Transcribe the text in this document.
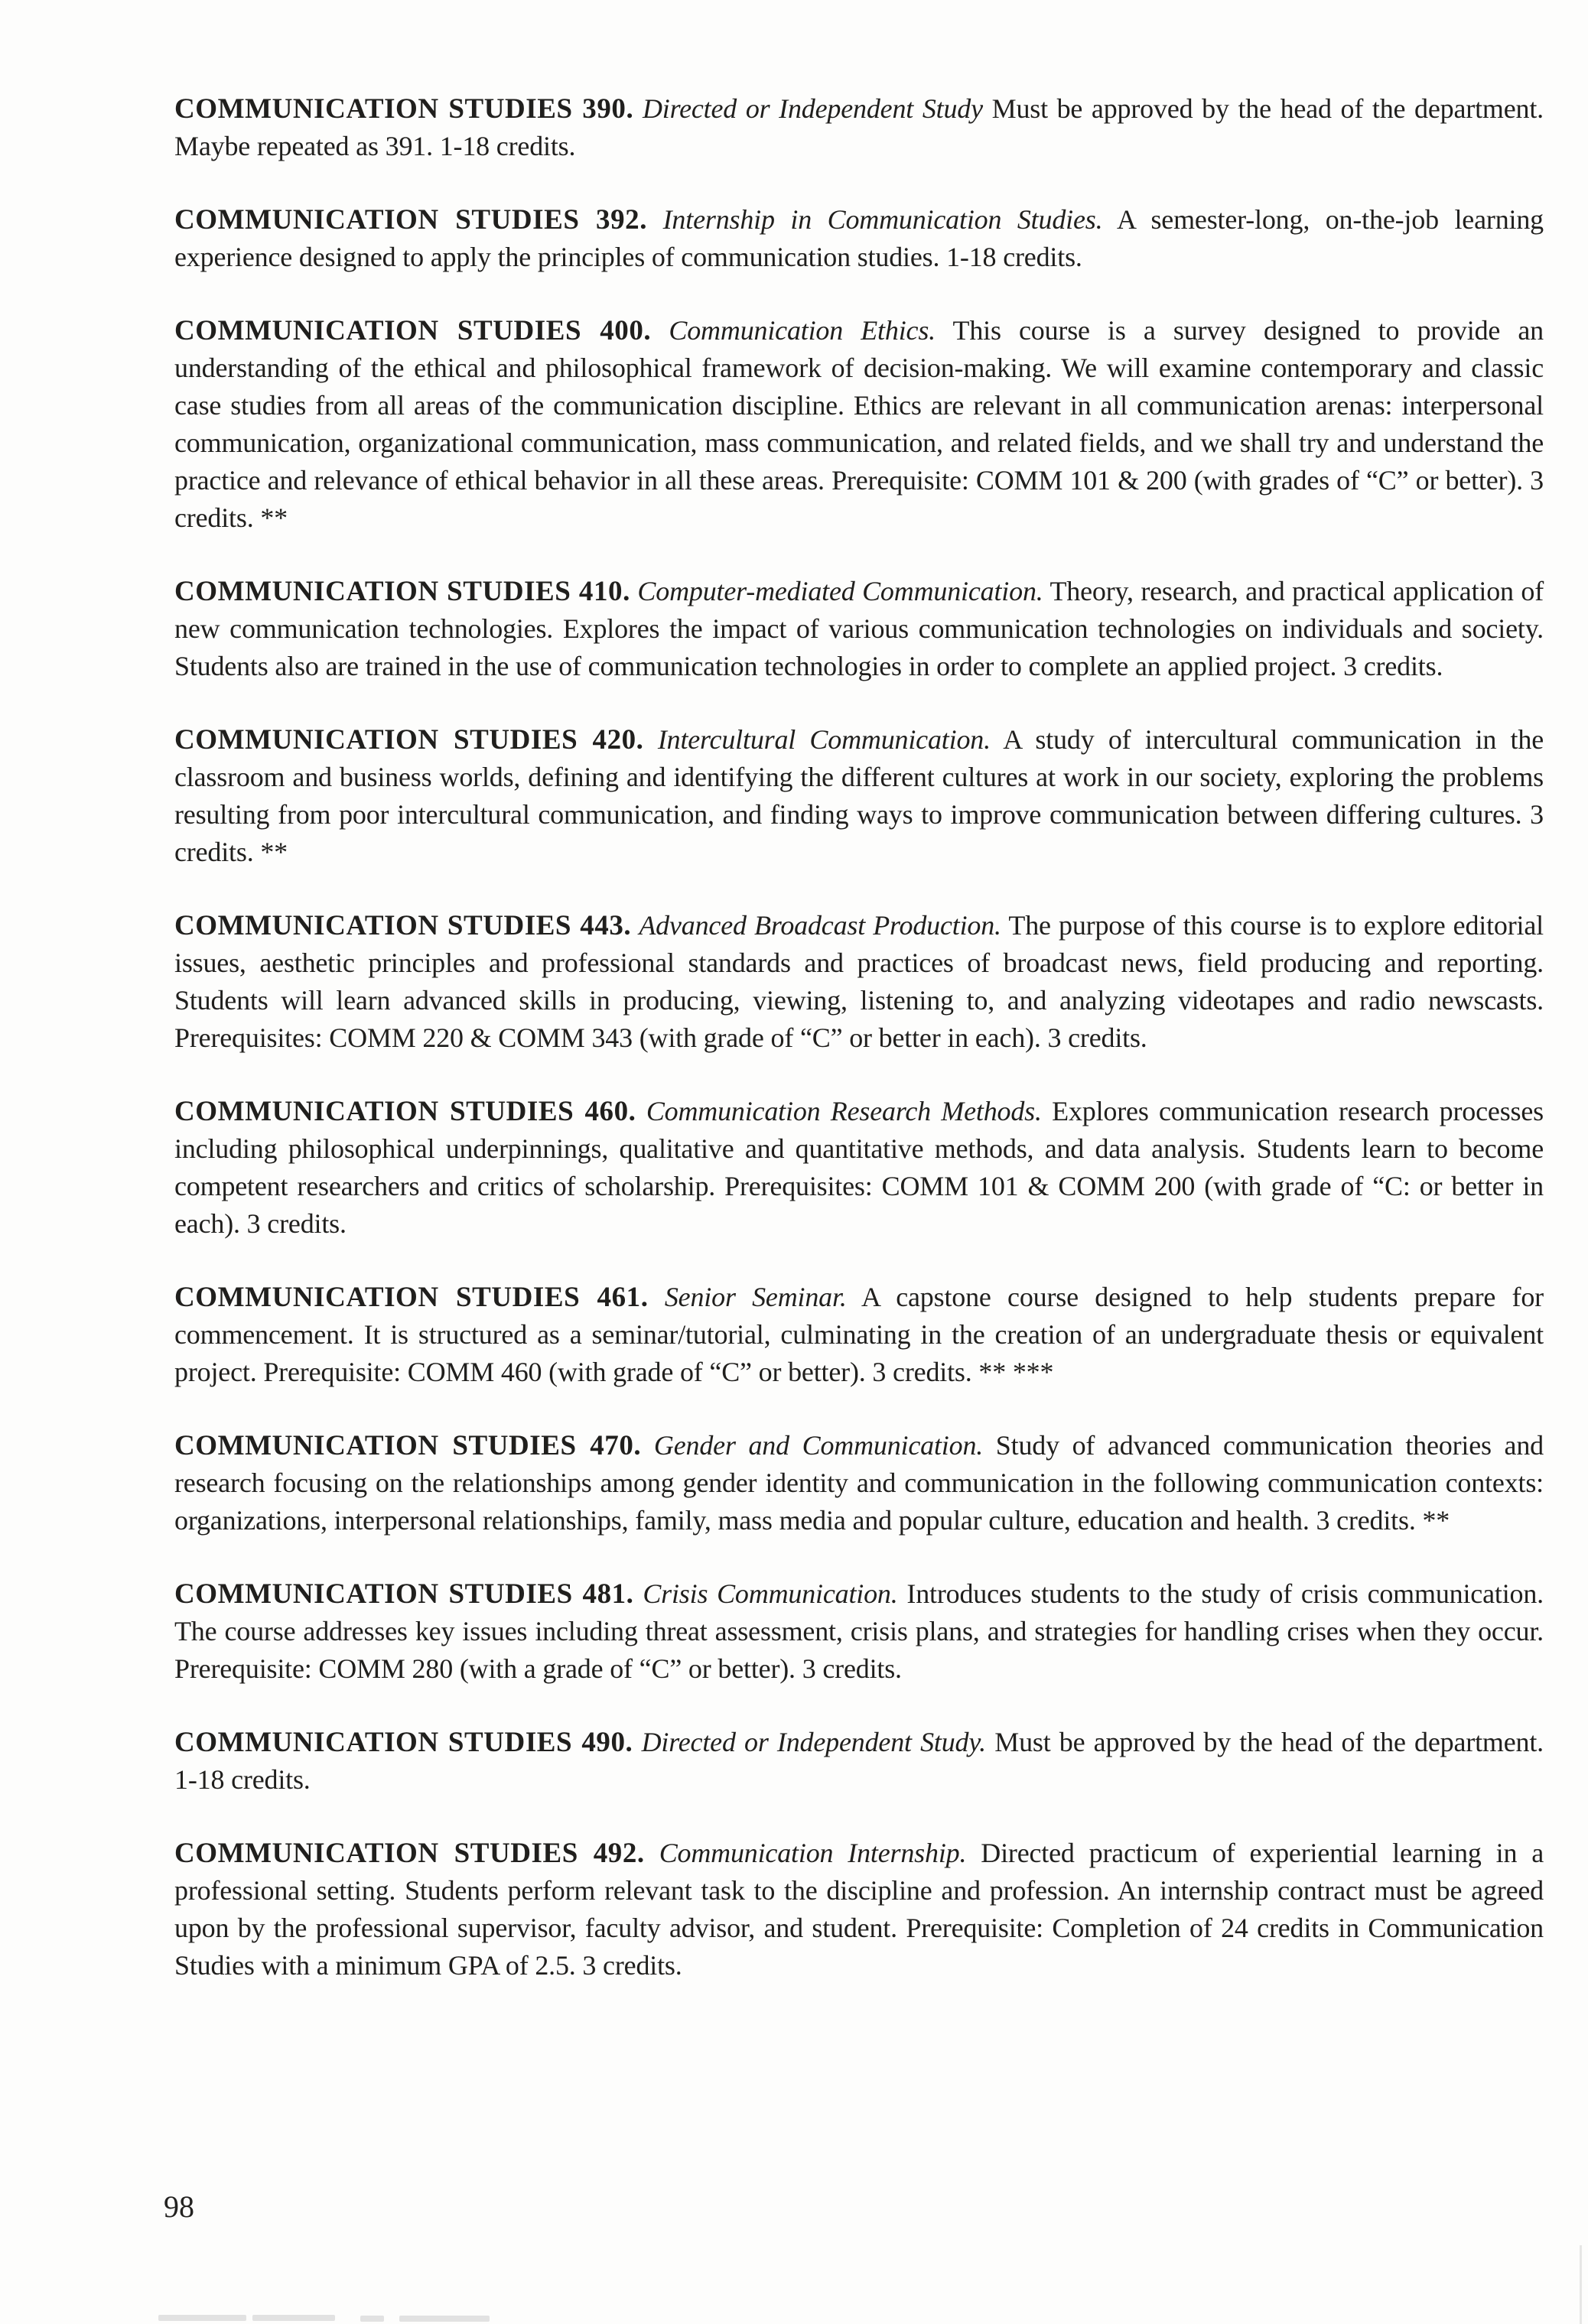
COMMUNICATION STUDIES 390. Directed or Independent Study Must be approved by the head of the department. Maybe repeated as 391. 1-18 credits.

COMMUNICATION STUDIES 392. Internship in Communication Studies. A semester-long, on-the-job learning experience designed to apply the principles of communication studies. 1-18 credits.

COMMUNICATION STUDIES 400. Communication Ethics. This course is a survey designed to provide an understanding of the ethical and philosophical framework of decision-making. We will examine contemporary and classic case studies from all areas of the communication discipline. Ethics are relevant in all communication arenas: interpersonal communication, organizational communication, mass communication, and related fields, and we shall try and understand the practice and relevance of ethical behavior in all these areas. Prerequisite: COMM 101 & 200 (with grades of “C” or better). 3 credits. **

COMMUNICATION STUDIES 410. Computer-mediated Communication. Theory, research, and practical application of new communication technologies. Explores the impact of various communication technologies on individuals and society. Students also are trained in the use of communication technologies in order to complete an applied project. 3 credits.

COMMUNICATION STUDIES 420. Intercultural Communication. A study of intercultural communication in the classroom and business worlds, defining and identifying the different cultures at work in our society, exploring the problems resulting from poor intercultural communication, and finding ways to improve communication between differing cultures. 3 credits. **

COMMUNICATION STUDIES 443. Advanced Broadcast Production. The purpose of this course is to explore editorial issues, aesthetic principles and professional standards and practices of broadcast news, field producing and reporting. Students will learn advanced skills in producing, viewing, listening to, and analyzing videotapes and radio newscasts. Prerequisites: COMM 220 & COMM 343 (with grade of “C” or better in each). 3 credits.

COMMUNICATION STUDIES 460. Communication Research Methods. Explores communication research processes including philosophical underpinnings, qualitative and quantitative methods, and data analysis. Students learn to become competent researchers and critics of scholarship. Prerequisites: COMM 101 & COMM 200 (with grade of “C: or better in each). 3 credits.

COMMUNICATION STUDIES 461. Senior Seminar. A capstone course designed to help students prepare for commencement. It is structured as a seminar/tutorial, culminating in the creation of an undergraduate thesis or equivalent project. Prerequisite: COMM 460 (with grade of “C” or better). 3 credits. ** ***

COMMUNICATION STUDIES 470. Gender and Communication. Study of advanced communication theories and research focusing on the relationships among gender identity and communication in the following communication contexts: organizations, interpersonal relationships, family, mass media and popular culture, education and health. 3 credits. **

COMMUNICATION STUDIES 481. Crisis Communication. Introduces students to the study of crisis communication. The course addresses key issues including threat assessment, crisis plans, and strategies for handling crises when they occur. Prerequisite: COMM 280 (with a grade of “C” or better). 3 credits.

COMMUNICATION STUDIES 490. Directed or Independent Study. Must be approved by the head of the department. 1-18 credits.

COMMUNICATION STUDIES 492. Communication Internship. Directed practicum of experiential learning in a professional setting. Students perform relevant task to the discipline and profession. An internship contract must be agreed upon by the professional supervisor, faculty advisor, and student. Prerequisite: Completion of 24 credits in Communication Studies with a minimum GPA of 2.5. 3 credits.

98
